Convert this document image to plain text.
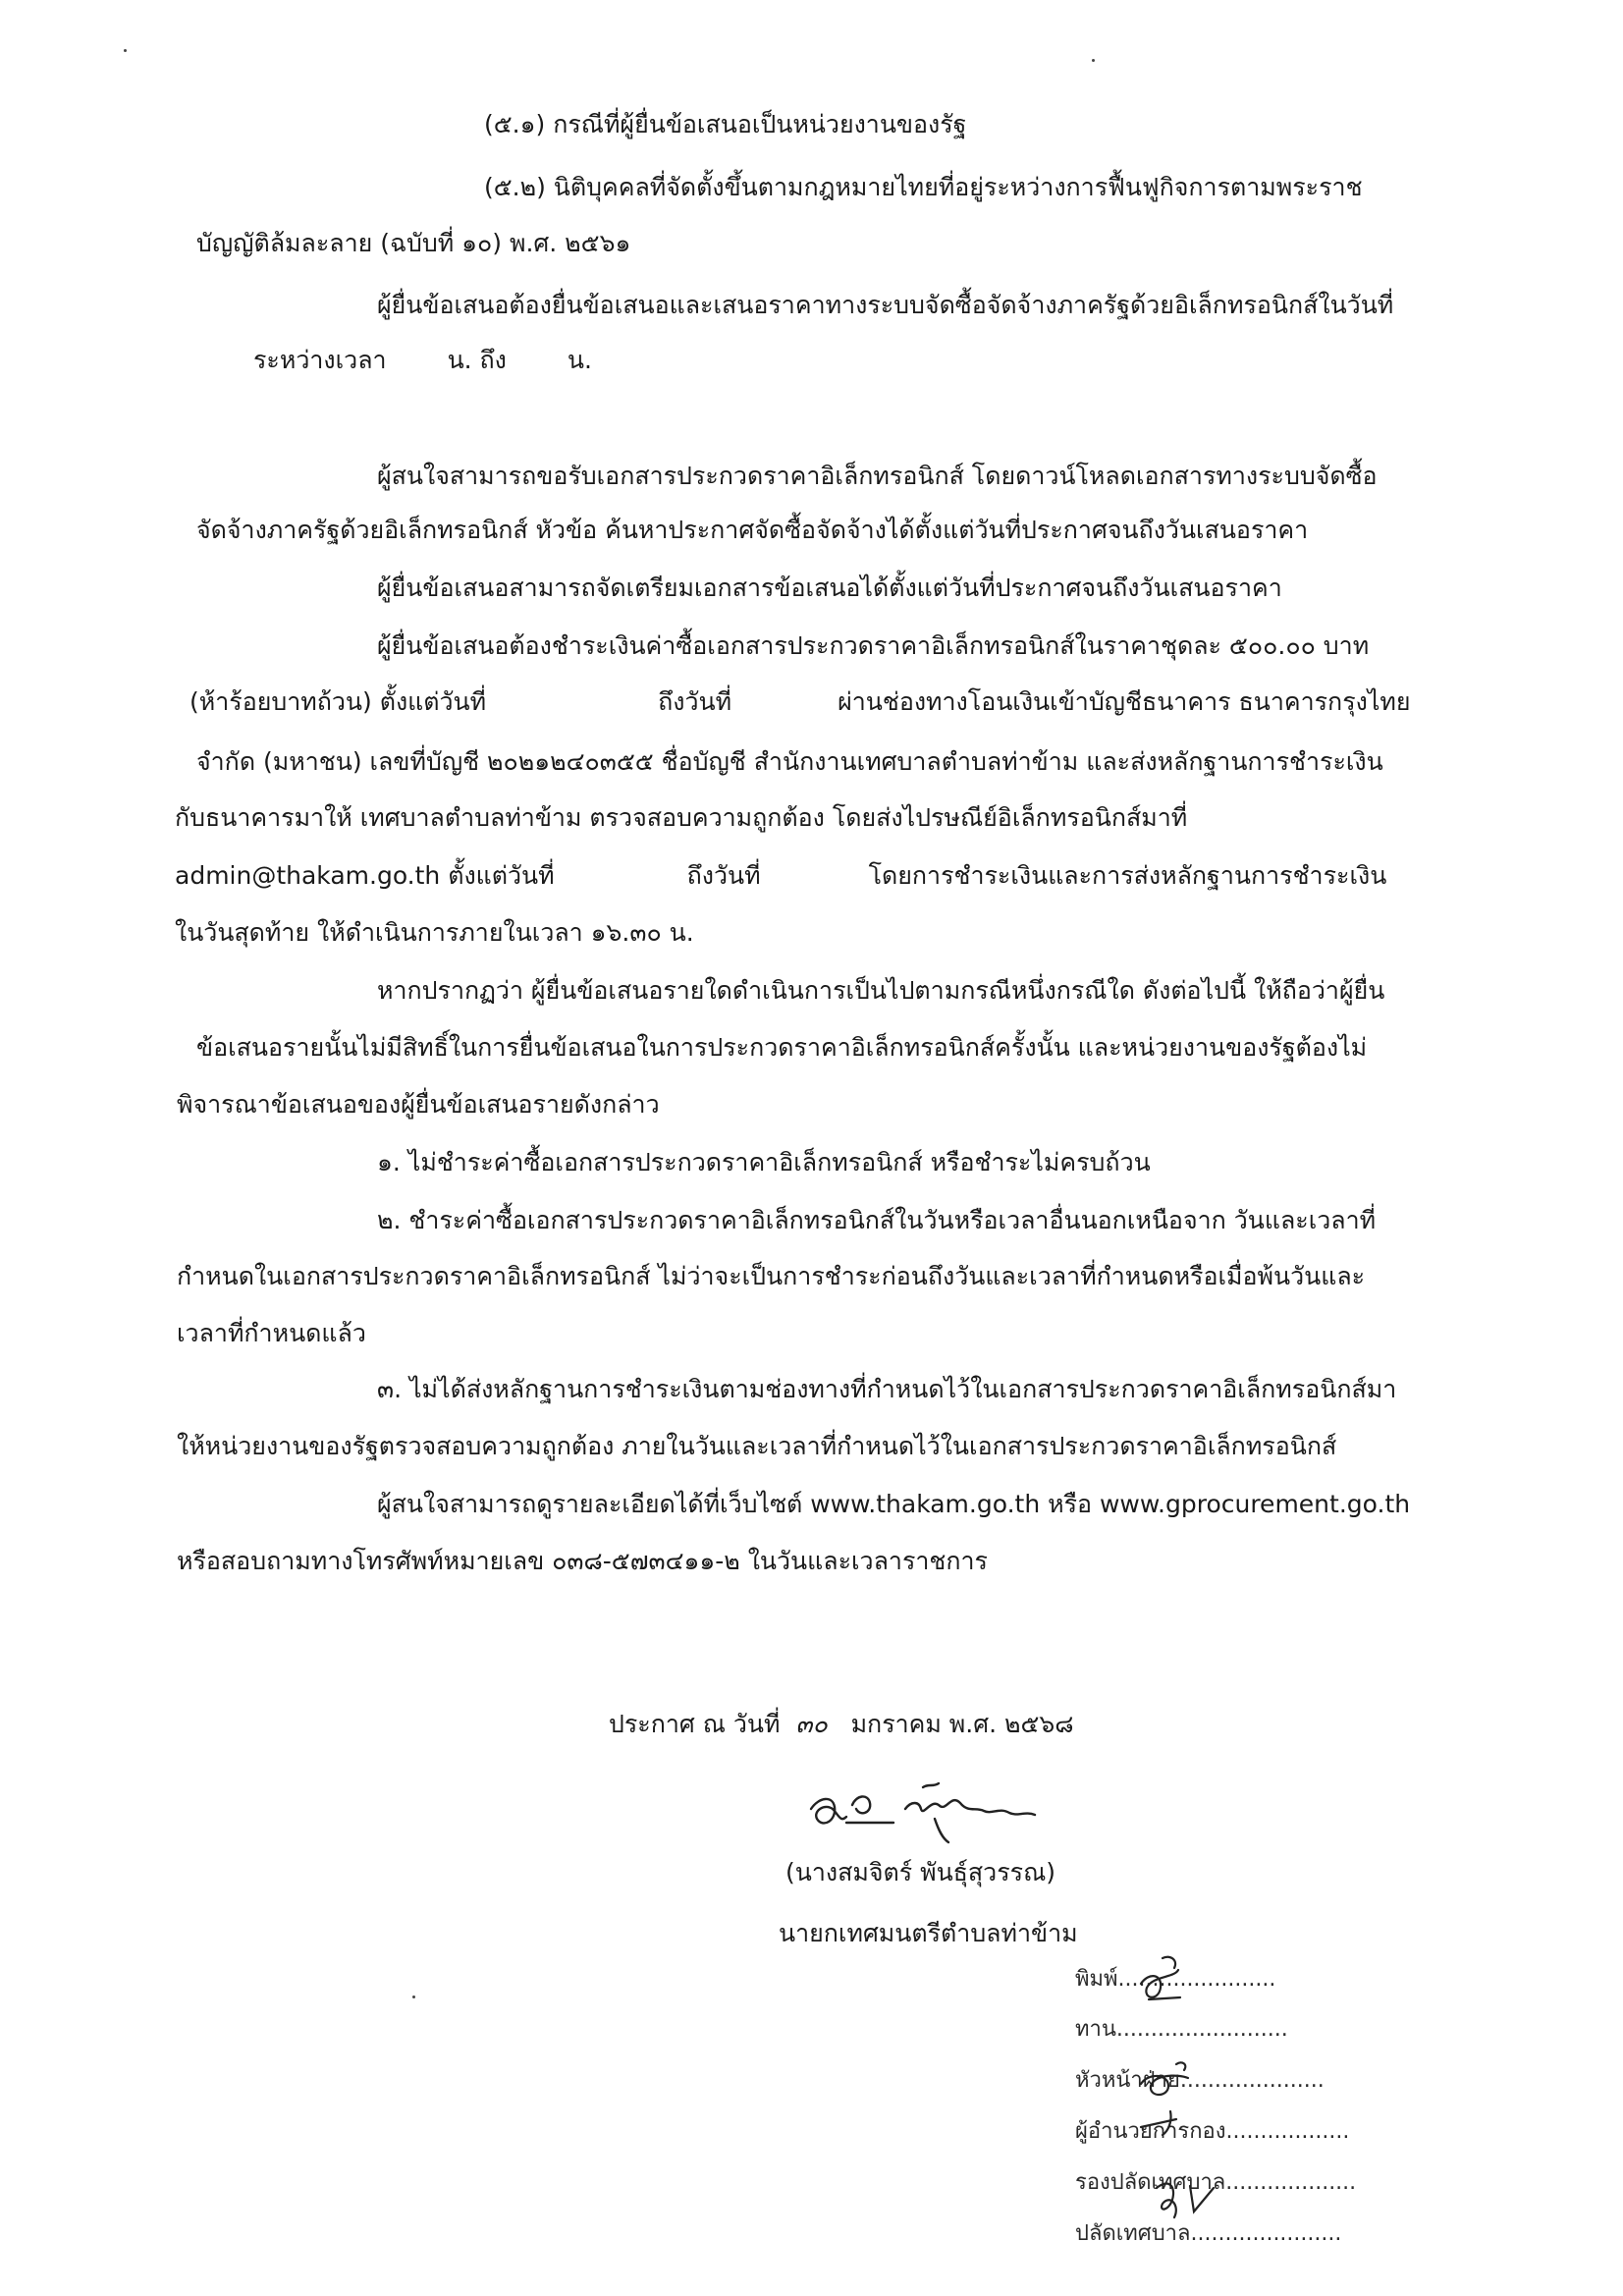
(๕.๑) กรณีที่ผู้ยื่นข้อเสนอเป็นหน่วยงานของรัฐ
(๕.๒) นิติบุคคลที่จัดตั้งขึ้นตามกฎหมายไทยที่อยู่ระหว่างการฟื้นฟูกิจการตามพระราช
บัญญัติล้มละลาย (ฉบับที่ ๑๐) พ.ศ. ๒๕๖๑
ผู้ยื่นข้อเสนอต้องยื่นข้อเสนอและเสนอราคาทางระบบจัดซื้อจัดจ้างภาครัฐด้วยอิเล็กทรอนิกส์ในวันที่
ระหว่างเวลา น. ถึง น.
ผู้สนใจสามารถขอรับเอกสารประกวดราคาอิเล็กทรอนิกส์ โดยดาวน์โหลดเอกสารทางระบบจัดซื้อ
จัดจ้างภาครัฐด้วยอิเล็กทรอนิกส์ หัวข้อ ค้นหาประกาศจัดซื้อจัดจ้างได้ตั้งแต่วันที่ประกาศจนถึงวันเสนอราคา
ผู้ยื่นข้อเสนอสามารถจัดเตรียมเอกสารข้อเสนอได้ตั้งแต่วันที่ประกาศจนถึงวันเสนอราคา
ผู้ยื่นข้อเสนอต้องชำระเงินค่าซื้อเอกสารประกวดราคาอิเล็กทรอนิกส์ในราคาชุดละ ๕๐๐.๐๐ บาท
(ห้าร้อยบาทถ้วน) ตั้งแต่วันที่	ถึงวันที่	ผ่านช่องทางโอนเงินเข้าบัญชีธนาคาร ธนาคารกรุงไทย
จำกัด (มหาชน) เลขที่บัญชี ๒๐๒๑๒๔๐๓๕๕ ชื่อบัญชี สำนักงานเทศบาลตำบลท่าข้าม และส่งหลักฐานการชำระเงิน
กับธนาคารมาให้ เทศบาลตำบลท่าข้าม ตรวจสอบความถูกต้อง โดยส่งไปรษณีย์อิเล็กทรอนิกส์มาที่
admin@thakam.go.th ตั้งแต่วันที่	ถึงวันที่	โดยการชำระเงินและการส่งหลักฐานการชำระเงิน
ในวันสุดท้าย ให้ดำเนินการภายในเวลา ๑๖.๓๐ น.
หากปรากฏว่า ผู้ยื่นข้อเสนอรายใดดำเนินการเป็นไปตามกรณีหนึ่งกรณีใด ดังต่อไปนี้ ให้ถือว่าผู้ยื่น
ข้อเสนอรายนั้นไม่มีสิทธิ์ในการยื่นข้อเสนอในการประกวดราคาอิเล็กทรอนิกส์ครั้งนั้น และหน่วยงานของรัฐต้องไม่
พิจารณาข้อเสนอของผู้ยื่นข้อเสนอรายดังกล่าว
๑. ไม่ชำระค่าซื้อเอกสารประกวดราคาอิเล็กทรอนิกส์ หรือชำระไม่ครบถ้วน
๒. ชำระค่าซื้อเอกสารประกวดราคาอิเล็กทรอนิกส์ในวันหรือเวลาอื่นนอกเหนือจาก วันและเวลาที่
กำหนดในเอกสารประกวดราคาอิเล็กทรอนิกส์ ไม่ว่าจะเป็นการชำระก่อนถึงวันและเวลาที่กำหนดหรือเมื่อพ้นวันและ
เวลาที่กำหนดแล้ว
๓. ไม่ได้ส่งหลักฐานการชำระเงินตามช่องทางที่กำหนดไว้ในเอกสารประกวดราคาอิเล็กทรอนิกส์มา
ให้หน่วยงานของรัฐตรวจสอบความถูกต้อง ภายในวันและเวลาที่กำหนดไว้ในเอกสารประกวดราคาอิเล็กทรอนิกส์
ผู้สนใจสามารถดูรายละเอียดได้ที่เว็บไซต์ www.thakam.go.th หรือ www.gprocurement.go.th
หรือสอบถามทางโทรศัพท์หมายเลข ๐๓๘-๕๗๓๔๑๑-๒ ในวันและเวลาราชการ
ประกาศ ณ วันที่ ๓๐ มกราคม พ.ศ. ๒๕๖๘
(นางสมจิตร์ พันธุ์สุวรรณ)
นายกเทศมนตรีตำบลท่าข้าม
พิมพ์.......................
ทาน.........................
หัวหน้าฝ่าย.....................
ผู้อำนวยการกอง..................
รองปลัดเทศบาล...................
ปลัดเทศบาล......................
